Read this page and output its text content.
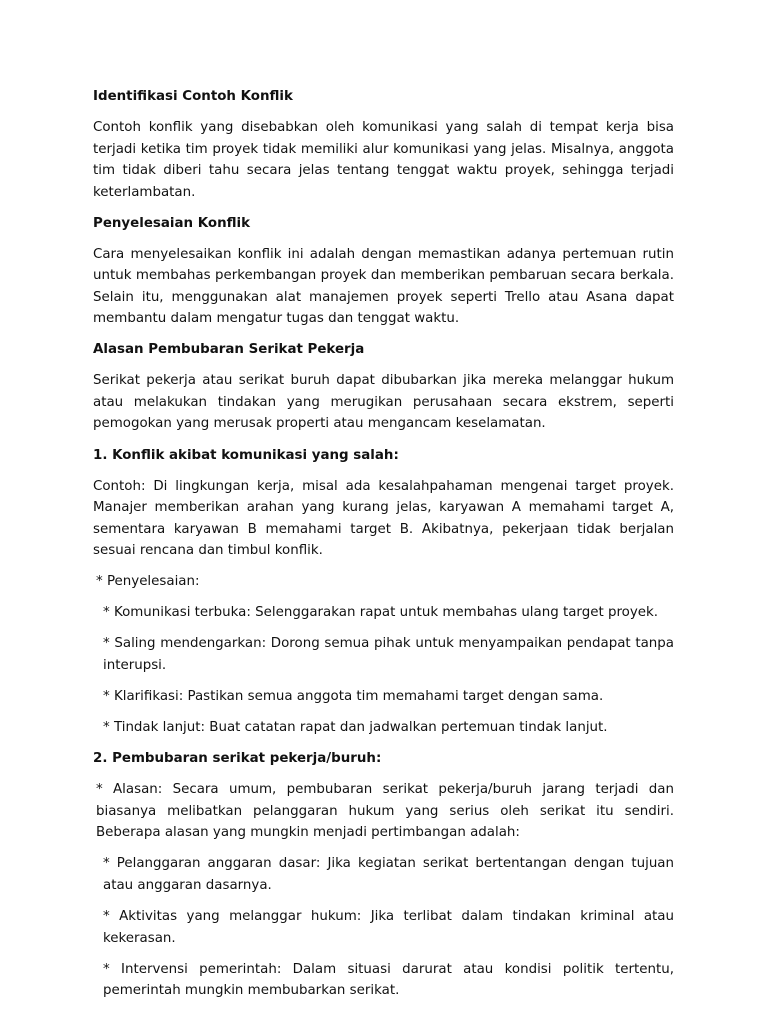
Identifikasi Contoh Konflik

Contoh konflik yang disebabkan oleh komunikasi yang salah di tempat kerja bisa terjadi ketika tim proyek tidak memiliki alur komunikasi yang jelas. Misalnya, anggota tim tidak diberi tahu secara jelas tentang tenggat waktu proyek, sehingga terjadi keterlambatan.

Penyelesaian Konflik

Cara menyelesaikan konflik ini adalah dengan memastikan adanya pertemuan rutin untuk membahas perkembangan proyek dan memberikan pembaruan secara berkala. Selain itu, menggunakan alat manajemen proyek seperti Trello atau Asana dapat membantu dalam mengatur tugas dan tenggat waktu.

Alasan Pembubaran Serikat Pekerja

Serikat pekerja atau serikat buruh dapat dibubarkan jika mereka melanggar hukum atau melakukan tindakan yang merugikan perusahaan secara ekstrem, seperti pemogokan yang merusak properti atau mengancam keselamatan.

1. Konflik akibat komunikasi yang salah:

Contoh: Di lingkungan kerja, misal ada kesalahpahaman mengenai target proyek. Manajer memberikan arahan yang kurang jelas, karyawan A memahami target A, sementara karyawan B memahami target B. Akibatnya, pekerjaan tidak berjalan sesuai rencana dan timbul konflik.

* Penyelesaian:

* Komunikasi terbuka: Selenggarakan rapat untuk membahas ulang target proyek.

* Saling mendengarkan: Dorong semua pihak untuk menyampaikan pendapat tanpa interupsi.

* Klarifikasi: Pastikan semua anggota tim memahami target dengan sama.

* Tindak lanjut: Buat catatan rapat dan jadwalkan pertemuan tindak lanjut.

2. Pembubaran serikat pekerja/buruh:

* Alasan: Secara umum, pembubaran serikat pekerja/buruh jarang terjadi dan biasanya melibatkan pelanggaran hukum yang serius oleh serikat itu sendiri. Beberapa alasan yang mungkin menjadi pertimbangan adalah:

* Pelanggaran anggaran dasar: Jika kegiatan serikat bertentangan dengan tujuan atau anggaran dasarnya.

* Aktivitas yang melanggar hukum: Jika terlibat dalam tindakan kriminal atau kekerasan.

* Intervensi pemerintah: Dalam situasi darurat atau kondisi politik tertentu, pemerintah mungkin membubarkan serikat.
